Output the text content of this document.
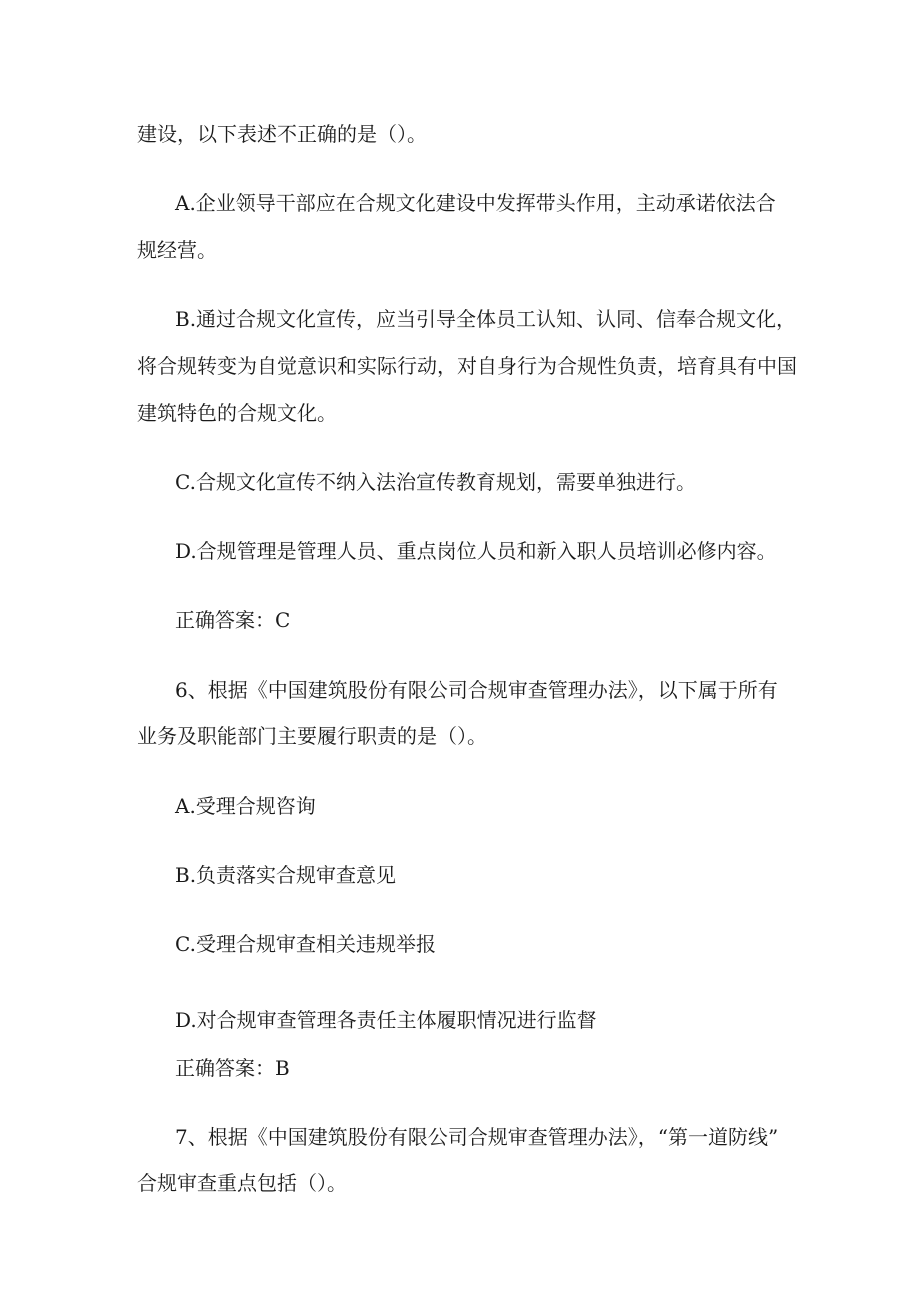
建设，以下表述不正确的是（）。

A.企业领导干部应在合规文化建设中发挥带头作用，主动承诺依法合

规经营。

B.通过合规文化宣传，应当引导全体员工认知、认同、信奉合规文化，

将合规转变为自觉意识和实际行动，对自身行为合规性负责，培育具有中国

建筑特色的合规文化。

C.合规文化宣传不纳入法治宣传教育规划，需要单独进行。

D.合规管理是管理人员、重点岗位人员和新入职人员培训必修内容。

正确答案：C

6、根据《中国建筑股份有限公司合规审查管理办法》，以下属于所有

业务及职能部门主要履行职责的是（）。

A.受理合规咨询

B.负责落实合规审查意见

C.受理合规审查相关违规举报

D.对合规审查管理各责任主体履职情况进行监督

正确答案：B

7、根据《中国建筑股份有限公司合规审查管理办法》，“第一道防线”

合规审查重点包括（）。
